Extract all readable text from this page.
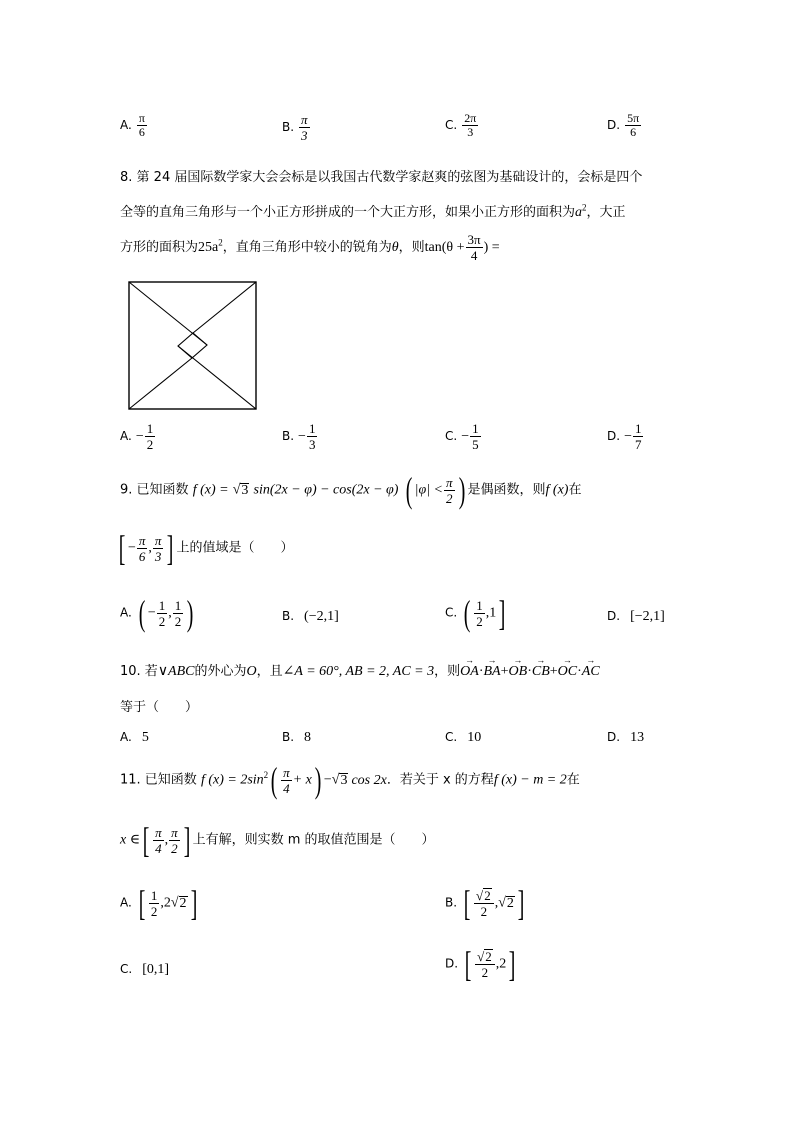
A. $\frac{\pi}{6}$	B. $\frac{\pi}{3}$	C. $\frac{2\pi}{3}$	D. $\frac{5\pi}{6}$
8. 第 24 届国际数学家大会会标是以我国古代数学家赵爽的弦图为基础设计的，会标是四个
全等的直角三角形与一个小正方形拼成的一个大正方形，如果小正方形的面积为$a^2$，大正
方形的面积为$25a^2$，直角三角形中较小的锐角为θ，则$\tan(\theta + \frac{3\pi}{4}$ ) =
A. − $\frac{1}{2}$	B. − $\frac{1}{3}$	C. − $\frac{1}{5}$	D. − $\frac{1}{7}$
9. 已知函数 f (x) = √3 sin(2x − φ) − cos(2x − φ) ( $|\varphi| < \frac{\pi}{2}$ ) 是偶函数，则f (x)在
[ − $\frac{\pi}{6}$ , $\frac{\pi}{3}$ ] 上的值域是（　　）
A. ( − $\frac{1}{2}$ , $\frac{1}{2}$ )	B. (−2,1]	C. ( $\frac{1}{2} ,1$]	D. [−2,1]
10. 若∨ABC的外心为O，且∠A = 60°, AB = 2, AC = 3，则→ OA·→ BA+→ OB·→ CB+→ OC·→ AC
等于（　　）
A. 5	B. 8	C. 10	D. 13
11. 已知函数 f $(x) = 2\sin^2( \frac{\pi}{4} + x) -√3$ cos 2x．若关于 x 的方程f (x) − m = 2在
x ∈[ $\frac{\pi}{4}$ , $\frac{\pi}{2}$ ] 上有解，则实数 m 的取值范围是（　　）
A. [ $\frac{1}{2} ,2√2$ ]	B. [ $\frac{√2}{2} ,√2$ ]
C. [0,1]	D. [ $\frac{√2}{2} ,2$]
